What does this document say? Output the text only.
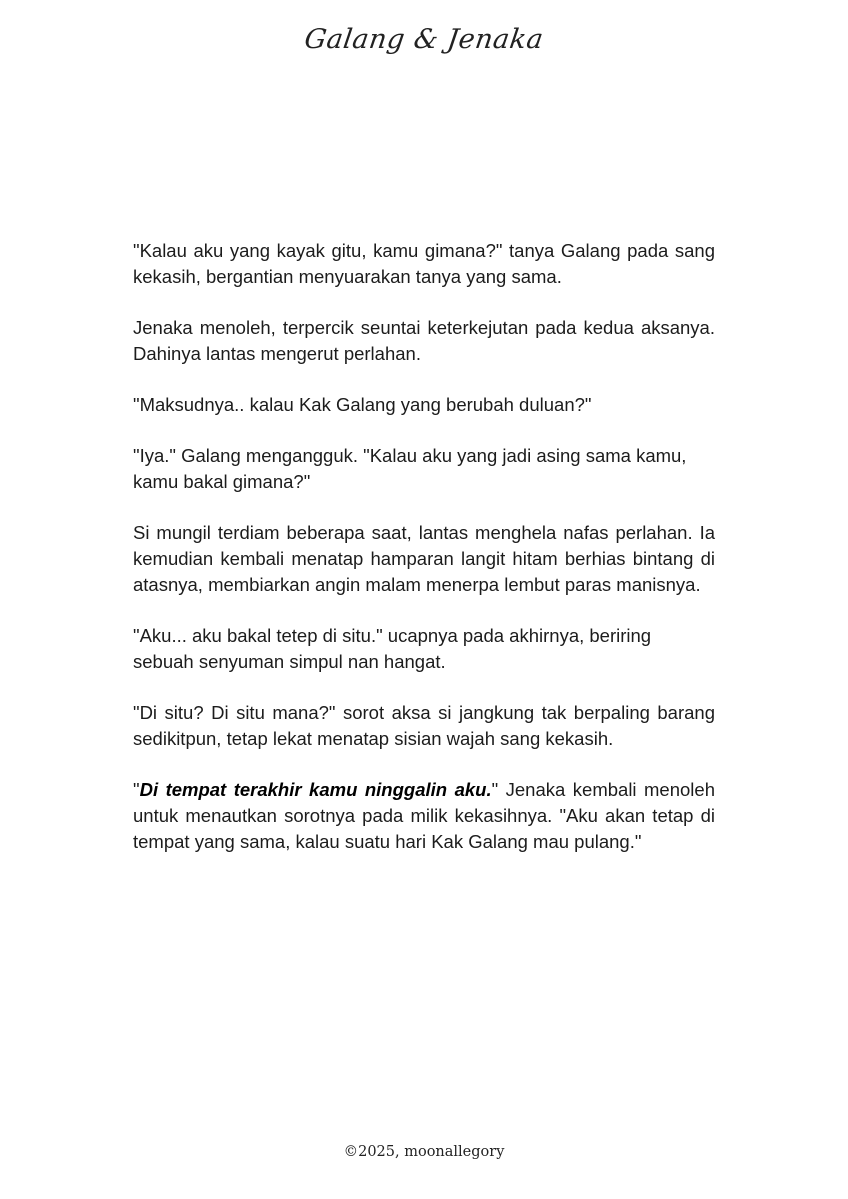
Galang & Jenaka

"Kalau aku yang kayak gitu, kamu gimana?" tanya Galang pada sang kekasih, bergantian menyuarakan tanya yang sama.

Jenaka menoleh, terpercik seuntai keterkejutan pada kedua aksanya. Dahinya lantas mengerut perlahan.

"Maksudnya.. kalau Kak Galang yang berubah duluan?"

"Iya." Galang mengangguk. "Kalau aku yang jadi asing sama kamu, kamu bakal gimana?"

Si mungil terdiam beberapa saat, lantas menghela nafas perlahan. Ia kemudian kembali menatap hamparan langit hitam berhias bintang di atasnya, membiarkan angin malam menerpa lembut paras manisnya.

"Aku... aku bakal tetep di situ." ucapnya pada akhirnya, beriring sebuah senyuman simpul nan hangat.

"Di situ? Di situ mana?" sorot aksa si jangkung tak berpaling barang sedikitpun, tetap lekat menatap sisian wajah sang kekasih.

"Di tempat terakhir kamu ninggalin aku." Jenaka kembali menoleh untuk menautkan sorotnya pada milik kekasihnya. "Aku akan tetap di tempat yang sama, kalau suatu hari Kak Galang mau pulang."

©2025, moonallegory
